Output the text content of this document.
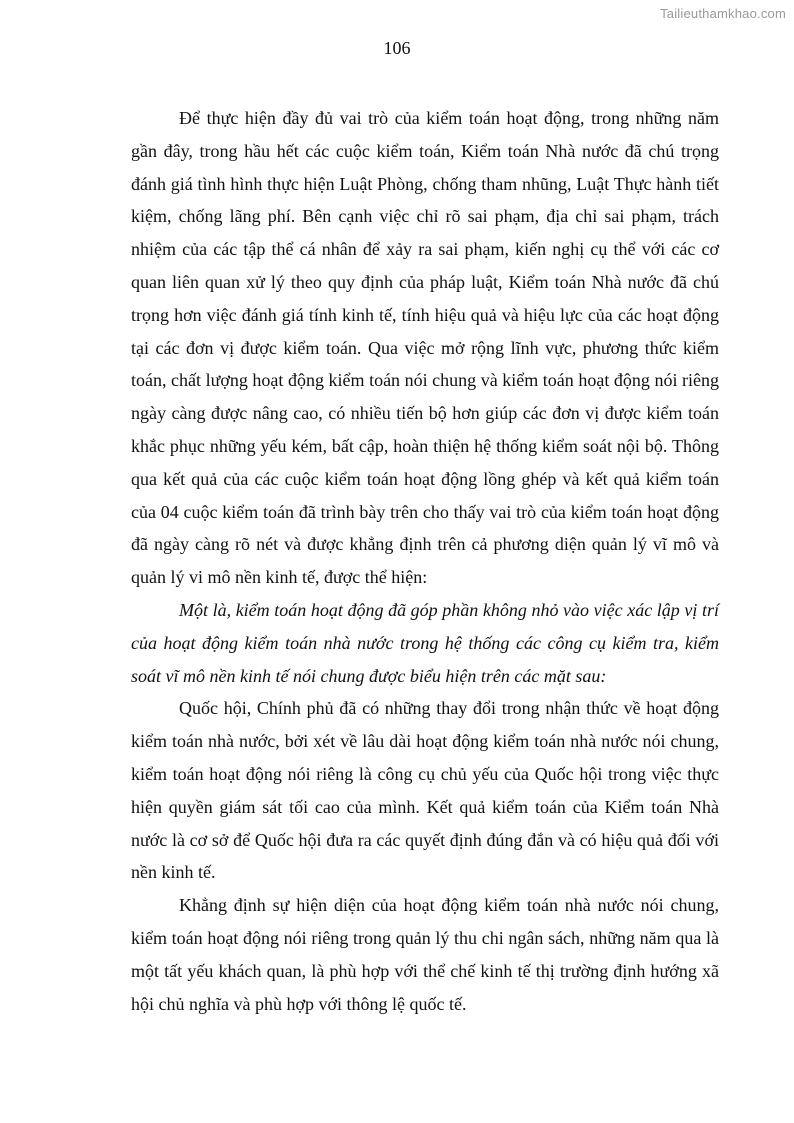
Tailieuthamkhao.com
106

Để thực hiện đầy đủ vai trò của kiểm toán hoạt động, trong những năm gần đây, trong hầu hết các cuộc kiểm toán, Kiểm toán Nhà nước đã chú trọng đánh giá tình hình thực hiện Luật Phòng, chống tham nhũng, Luật Thực hành tiết kiệm, chống lãng phí. Bên cạnh việc chỉ rõ sai phạm, địa chỉ sai phạm, trách nhiệm của các tập thể cá nhân để xảy ra sai phạm, kiến nghị cụ thể với các cơ quan liên quan xử lý theo quy định của pháp luật, Kiểm toán Nhà nước đã chú trọng hơn việc đánh giá tính kinh tế, tính hiệu quả và hiệu lực của các hoạt động tại các đơn vị được kiểm toán. Qua việc mở rộng lĩnh vực, phương thức kiểm toán, chất lượng hoạt động kiểm toán nói chung và kiểm toán hoạt động nói riêng ngày càng được nâng cao, có nhiều tiến bộ hơn giúp các đơn vị được kiểm toán khắc phục những yếu kém, bất cập, hoàn thiện hệ thống kiểm soát nội bộ. Thông qua kết quả của các cuộc kiểm toán hoạt động lồng ghép và kết quả kiểm toán của 04 cuộc kiểm toán đã trình bày trên cho thấy vai trò của kiểm toán hoạt động đã ngày càng rõ nét và được khẳng định trên cả phương diện quản lý vĩ mô và quản lý vi mô nền kinh tế, được thể hiện:

Một là, kiểm toán hoạt động đã góp phần không nhỏ vào việc xác lập vị trí của hoạt động kiểm toán nhà nước trong hệ thống các công cụ kiểm tra, kiểm soát vĩ mô nền kinh tế nói chung được biểu hiện trên các mặt sau:

Quốc hội, Chính phủ đã có những thay đổi trong nhận thức về hoạt động kiểm toán nhà nước, bởi xét về lâu dài hoạt động kiểm toán nhà nước nói chung, kiểm toán hoạt động nói riêng là công cụ chủ yếu của Quốc hội trong việc thực hiện quyền giám sát tối cao của mình. Kết quả kiểm toán của Kiểm toán Nhà nước là cơ sở để Quốc hội đưa ra các quyết định đúng đắn và có hiệu quả đối với nền kinh tế.

Khẳng định sự hiện diện của hoạt động kiểm toán nhà nước nói chung, kiểm toán hoạt động nói riêng trong quản lý thu chi ngân sách, những năm qua là một tất yếu khách quan, là phù hợp với thể chế kinh tế thị trường định hướng xã hội chủ nghĩa và phù hợp với thông lệ quốc tế.
